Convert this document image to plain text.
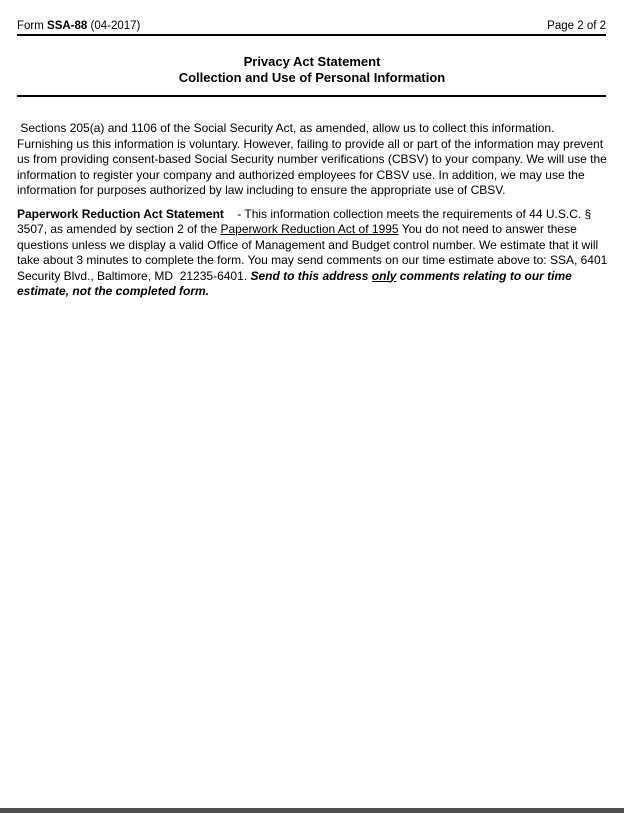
Form SSA-88 (04-2017)	Page 2 of 2
Privacy Act Statement
Collection and Use of Personal Information

Sections 205(a) and 1106 of the Social Security Act, as amended, allow us to collect this information. Furnishing us this information is voluntary. However, failing to provide all or part of the information may prevent us from providing consent-based Social Security number verifications (CBSV) to your company. We will use the information to register your company and authorized employees for CBSV use. In addition, we may use the information for purposes authorized by law including to ensure the appropriate use of CBSV.

Paperwork Reduction Act Statement    - This information collection meets the requirements of 44 U.S.C. § 3507, as amended by section 2 of the Paperwork Reduction Act of 1995 You do not need to answer these questions unless we display a valid Office of Management and Budget control number. We estimate that it will take about 3 minutes to complete the form. You may send comments on our time estimate above to: SSA, 6401 Security Blvd., Baltimore, MD  21235-6401. Send to this address only comments relating to our time estimate, not the completed form.
